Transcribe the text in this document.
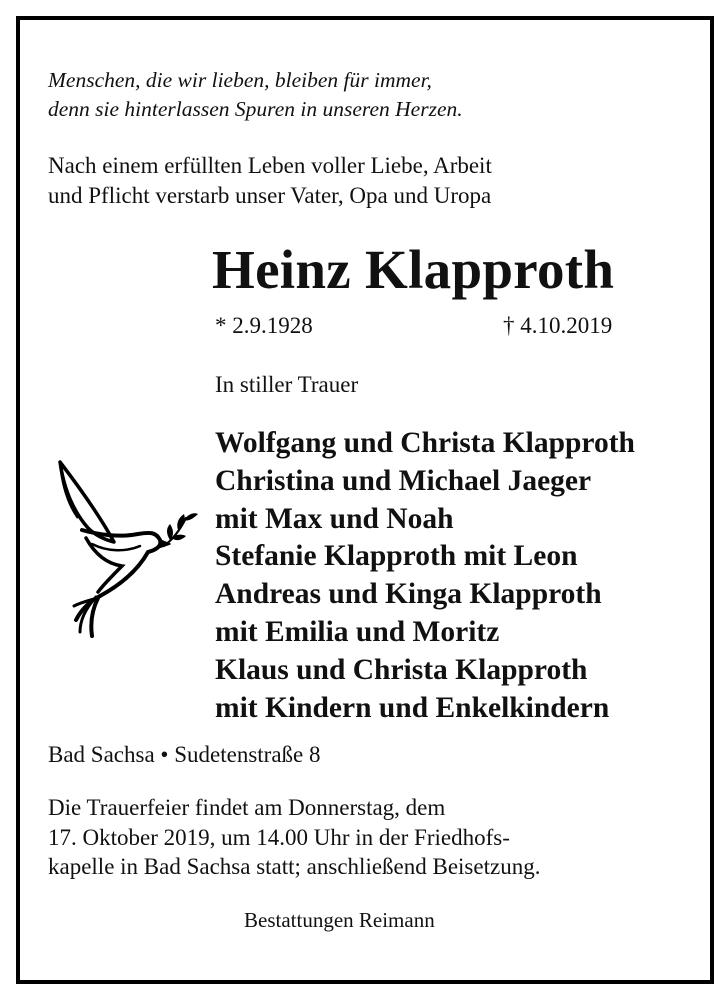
Menschen, die wir lieben, bleiben für immer,
denn sie hinterlassen Spuren in unseren Herzen.
Nach einem erfüllten Leben voller Liebe, Arbeit
und Pflicht verstarb unser Vater, Opa und Uropa
Heinz Klapproth
* 2.9.1928	† 4.10.2019
In stiller Trauer
Wolfgang und Christa Klapproth
Christina und Michael Jaeger
mit Max und Noah
Stefanie Klapproth mit Leon
Andreas und Kinga Klapproth
mit Emilia und Moritz
Klaus und Christa Klapproth
mit Kindern und Enkelkindern
Bad Sachsa • Sudetenstraße 8
Die Trauerfeier findet am Donnerstag, dem
17. Oktober 2019, um 14.00 Uhr in der Friedhofs-
kapelle in Bad Sachsa statt; anschließend Beisetzung.
Bestattungen Reimann
